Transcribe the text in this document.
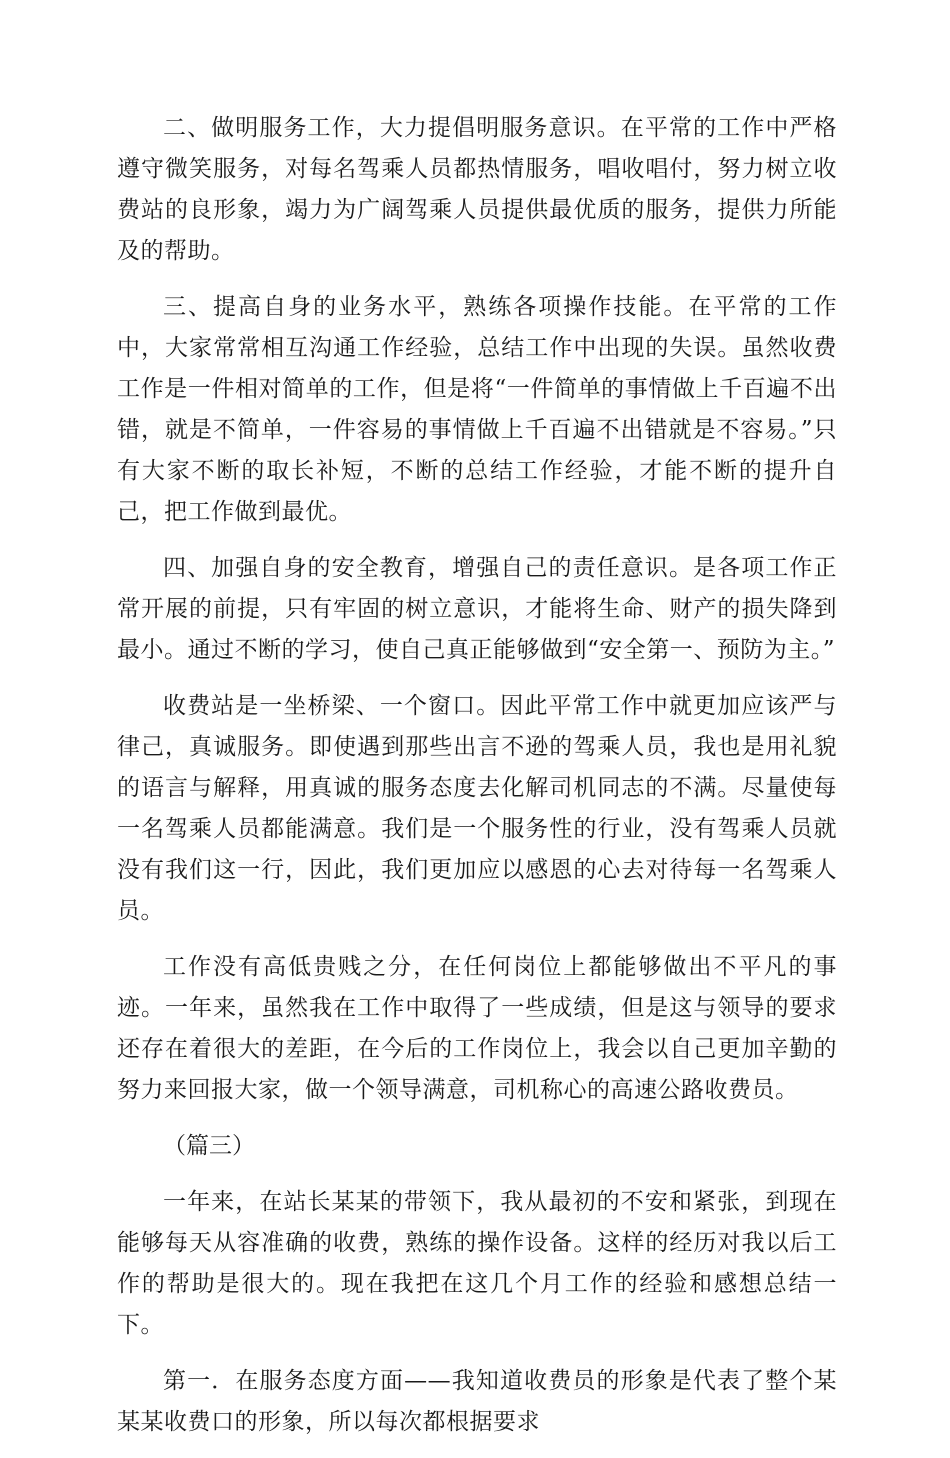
二、做明服务工作，大力提倡明服务意识。在平常的工作中严格遵守微笑服务，对每名驾乘人员都热情服务，唱收唱付，努力树立收费站的良形象，竭力为广阔驾乘人员提供最优质的服务，提供力所能及的帮助。

三、提高自身的业务水平，熟练各项操作技能。在平常的工作中，大家常常相互沟通工作经验，总结工作中出现的失误。虽然收费工作是一件相对简单的工作，但是将“一件简单的事情做上千百遍不出错，就是不简单，一件容易的事情做上千百遍不出错就是不容易。”只有大家不断的取长补短，不断的总结工作经验，才能不断的提升自己，把工作做到最优。

四、加强自身的安全教育，增强自己的责任意识。是各项工作正常开展的前提，只有牢固的树立意识，才能将生命、财产的损失降到最小。通过不断的学习，使自己真正能够做到“安全第一、预防为主。”

收费站是一坐桥梁、一个窗口。因此平常工作中就更加应该严与律己，真诚服务。即使遇到那些出言不逊的驾乘人员，我也是用礼貌的语言与解释，用真诚的服务态度去化解司机同志的不满。尽量使每一名驾乘人员都能满意。我们是一个服务性的行业，没有驾乘人员就没有我们这一行，因此，我们更加应以感恩的心去对待每一名驾乘人员。

工作没有高低贵贱之分，在任何岗位上都能够做出不平凡的事迹。一年来，虽然我在工作中取得了一些成绩，但是这与领导的要求还存在着很大的差距，在今后的工作岗位上，我会以自己更加辛勤的努力来回报大家，做一个领导满意，司机称心的高速公路收费员。

（篇三）

一年来，在站长某某的带领下，我从最初的不安和紧张，到现在能够每天从容准确的收费，熟练的操作设备。这样的经历对我以后工作的帮助是很大的。现在我把在这几个月工作的经验和感想总结一下。

第一．在服务态度方面——我知道收费员的形象是代表了整个某某某收费口的形象，所以每次都根据要求
